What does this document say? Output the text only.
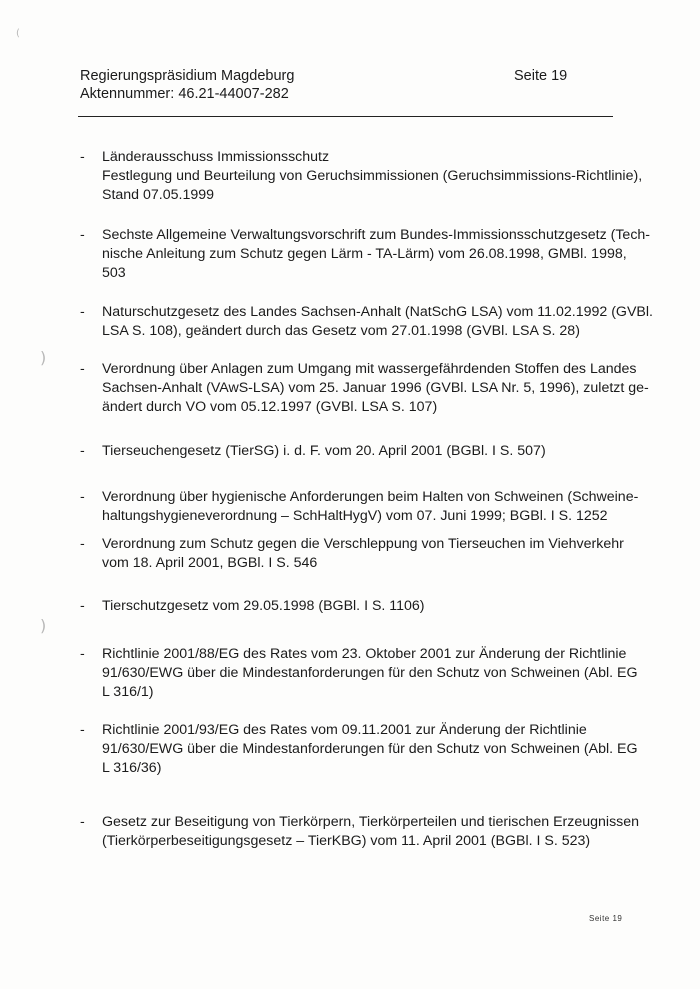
(
)
)
Regierungspräsidium Magdeburg
Aktennummer: 46.21-44007-282
Seite 19
-	Länderausschuss Immissionsschutz
Festlegung und Beurteilung von Geruchsimmissionen (Geruchsimmissions-Richtlinie),
Stand 07.05.1999
-	Sechste Allgemeine Verwaltungsvorschrift zum Bundes-Immissionsschutzgesetz (Tech-
nische Anleitung zum Schutz gegen Lärm - TA-Lärm) vom 26.08.1998, GMBl. 1998,
503
-	Naturschutzgesetz des Landes Sachsen-Anhalt (NatSchG LSA) vom 11.02.1992 (GVBl.
LSA S. 108), geändert durch das Gesetz vom 27.01.1998 (GVBl. LSA S. 28)
-	Verordnung über Anlagen zum Umgang mit wassergefährdenden Stoffen des Landes
Sachsen-Anhalt (VAwS-LSA) vom 25. Januar 1996 (GVBl. LSA Nr. 5, 1996), zuletzt ge-
ändert durch VO vom 05.12.1997 (GVBl. LSA S. 107)
-	Tierseuchengesetz (TierSG) i. d. F. vom 20. April 2001 (BGBl. I S. 507)
-	Verordnung über hygienische Anforderungen beim Halten von Schweinen (Schweine-
haltungshygieneverordnung – SchHaltHygV) vom 07. Juni 1999; BGBl. I S. 1252
-	Verordnung zum Schutz gegen die Verschleppung von Tierseuchen im Viehverkehr
vom 18. April 2001, BGBl. I S. 546
-	Tierschutzgesetz vom 29.05.1998 (BGBl. I S. 1106)
-	Richtlinie 2001/88/EG des Rates vom 23. Oktober 2001 zur Änderung der Richtlinie
91/630/EWG über die Mindestanforderungen für den Schutz von Schweinen (Abl. EG
L 316/1)
-	Richtlinie 2001/93/EG des Rates vom 09.11.2001 zur Änderung der Richtlinie
91/630/EWG über die Mindestanforderungen für den Schutz von Schweinen (Abl. EG
L 316/36)
-	Gesetz zur Beseitigung von Tierkörpern, Tierkörperteilen und tierischen Erzeugnissen
(Tierkörperbeseitigungsgesetz – TierKBG) vom 11. April 2001 (BGBl. I S. 523)
Seite 19
